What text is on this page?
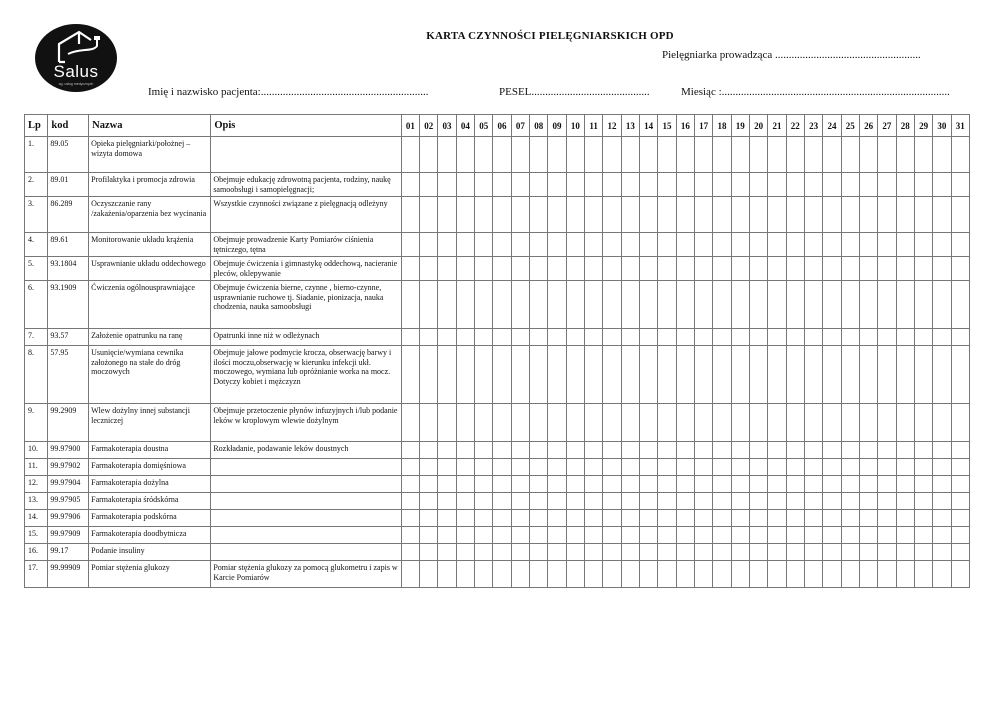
Salus
ag. usług medycznych
KARTA CZYNNOŚCI PIELĘGNIARSKICH OPD
Pielęgniarka prowadząca .....................................................
Imię i nazwisko pacjenta:.............................................................	PESEL...........................................	Miesiąc :...................................................................................
Lp	kod	Nazwa	Opis	01	02	03	04	05	06	07	08	09	10	11	12	13	14	15	16	17	18	19	20	21	22	23	24	25	26	27	28	29	30	31
1.	89.05	Opieka pielęgniarki/położnej –wizyta domowa																																
2.	89.01	Profilaktyka i promocja zdrowia	Obejmuje edukację zdrowotną pacjenta, rodziny, naukę samoobsługi i samopielęgnacji;																															
3.	86.289	Oczyszczanie rany /zakażenia/oparzenia bez wycinania	Wszystkie czynności związane z pielęgnacją odleżyny																															
4.	89.61	Monitorowanie układu krążenia	Obejmuje prowadzenie Karty Pomiarów ciśnienia tętniczego, tętna																															
5.	93.1804	Usprawnianie układu oddechowego	Obejmuje ćwiczenia i gimnastykę oddechową, nacieranie pleców, oklepywanie																															
6.	93.1909	Ćwiczenia ogólnousprawniające	Obejmuje ćwiczenia bierne, czynne , bierno-czynne, usprawnianie ruchowe tj. Siadanie, pionizacja, nauka chodzenia, nauka samoobsługi																															
7.	93.57	Założenie opatrunku na ranę	Opatrunki inne niż w odleżynach																															
8.	57.95	Usunięcie/wymiana cewnika założonego na stałe do dróg moczowych	Obejmuje jałowe podmycie krocza, obserwację barwy i ilości moczu,obserwację w kierunku infekcji ukł. moczowego, wymiana lub opróżnianie worka na mocz. Dotyczy kobiet i mężczyzn																															
9.	99.2909	Wlew dożylny innej substancji leczniczej	Obejmuje przetoczenie płynów infuzyjnych i/lub podanie leków w kroplowym wlewie dożylnym																															
10.	99.97900	Farmakoterapia doustna	Rozkładanie, podawanie leków doustnych																															
11.	99.97902	Farmakoterapia domięśniowa																																
12.	99.97904	Farmakoterapia dożylna																																
13.	99.97905	Farmakoterapia śródskórna																																
14.	99.97906	Farmakoterapia podskórna																																
15.	99.97909	Farmakoterapia doodbytnicza																																
16.	99.17	Podanie insuliny																																
17.	99.99909	Pomiar stężenia glukozy	Pomiar stężenia glukozy za pomocą glukometru i zapis w Karcie Pomiarów																															
